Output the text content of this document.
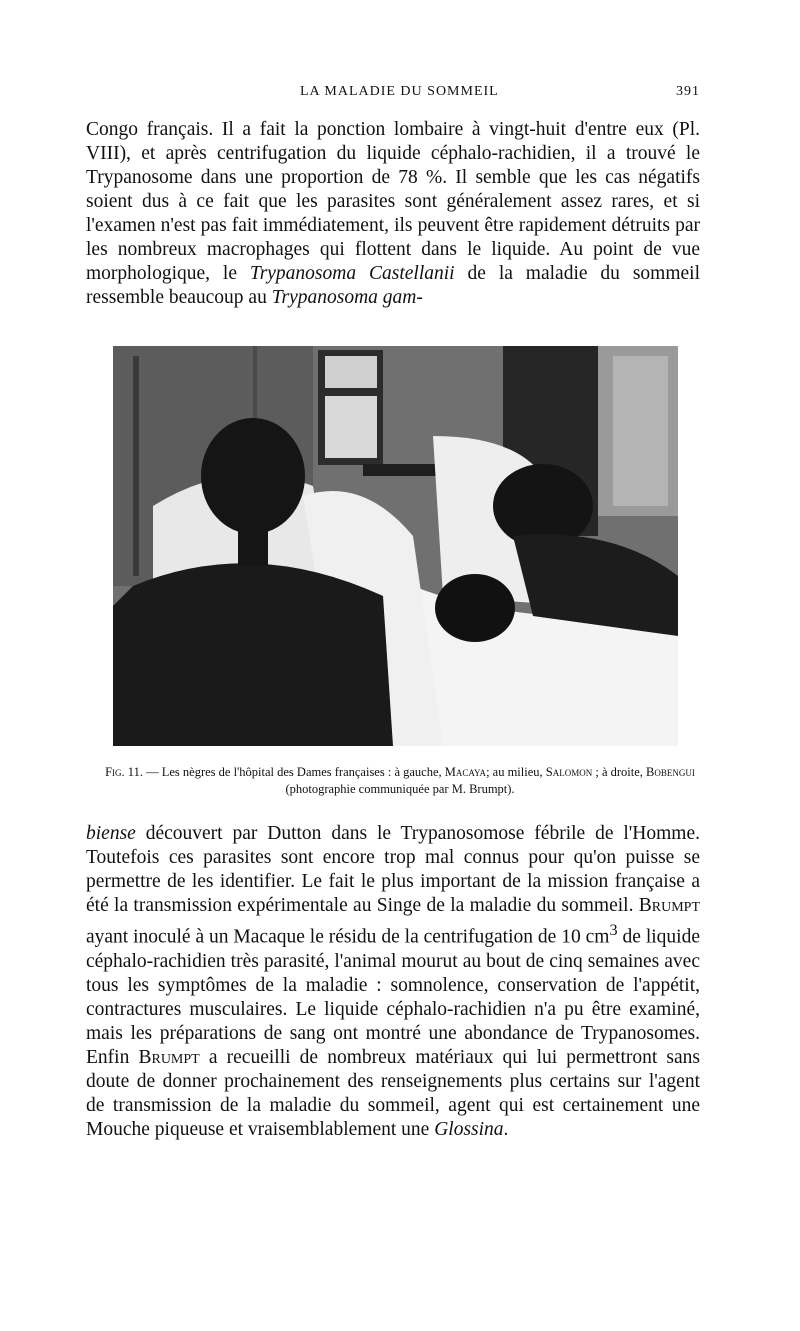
LA MALADIE DU SOMMEIL	391

Congo français. Il a fait la ponction lombaire à vingt-huit d'entre eux (Pl. VIII), et après centrifugation du liquide céphalo-rachidien, il a trouvé le Trypanosome dans une proportion de 78 %. Il semble que les cas négatifs soient dus à ce fait que les parasites sont généralement assez rares, et si l'examen n'est pas fait immédiatement, ils peuvent être rapidement détruits par les nombreux macrophages qui flottent dans le liquide. Au point de vue morphologique, le Trypanosoma Castellanii de la maladie du sommeil ressemble beaucoup au Trypanosoma gam-

Fig. 11. — Les nègres de l'hôpital des Dames françaises : à gauche, Macaya; au milieu, Salomon ; à droite, Bobengui (photographie communiquée par M. Brumpt).

biense découvert par Dutton dans le Trypanosomose fébrile de l'Homme. Toutefois ces parasites sont encore trop mal connus pour qu'on puisse se permettre de les identifier. Le fait le plus important de la mission française a été la transmission expérimentale au Singe de la maladie du sommeil. Brumpt ayant inoculé à un Macaque le résidu de la centrifugation de 10 $cm^3$ de liquide céphalo-rachidien très parasité, l'animal mourut au bout de cinq semaines avec tous les symptômes de la maladie : somnolence, conservation de l'appétit, contractures musculaires. Le liquide céphalo-rachidien n'a pu être examiné, mais les préparations de sang ont montré une abondance de Trypanosomes. Enfin Brumpt a recueilli de nombreux matériaux qui lui permettront sans doute de donner prochainement des renseignements plus certains sur l'agent de transmission de la maladie du sommeil, agent qui est certainement une Mouche piqueuse et vraisemblablement une Glossina.
